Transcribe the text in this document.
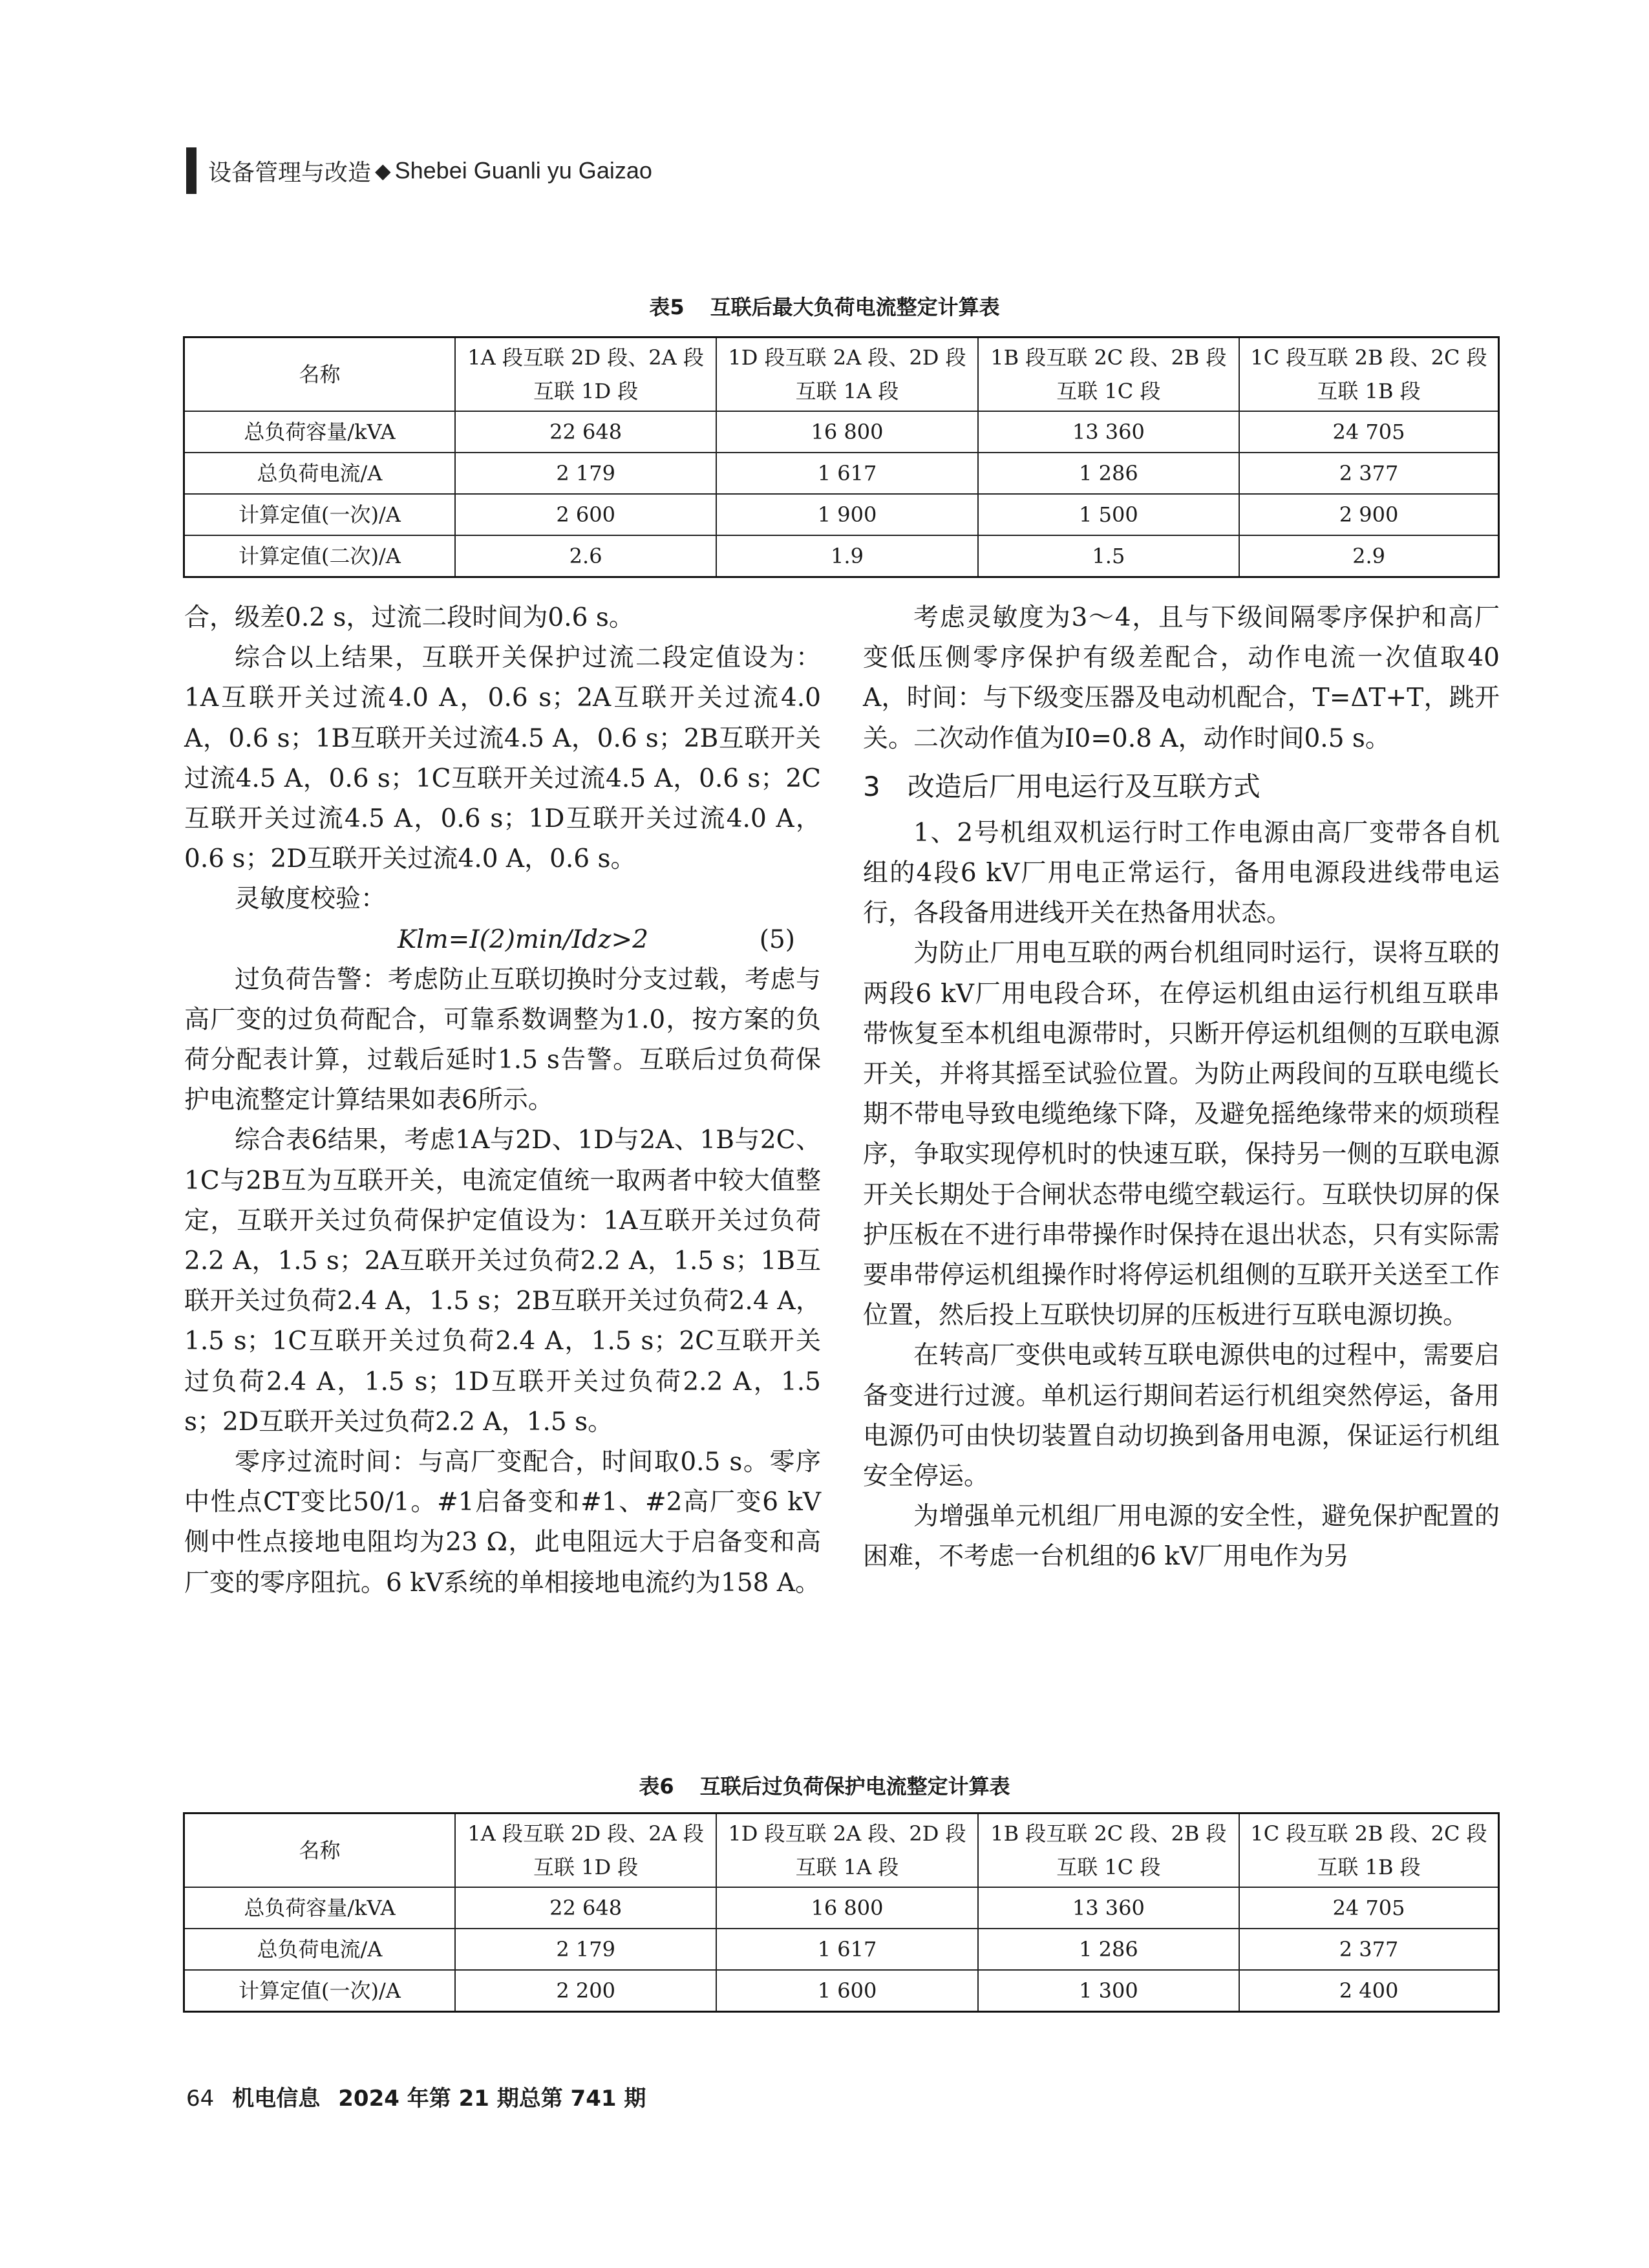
设备管理与改造 ◆ Shebei Guanli yu Gaizao
表5 互联后最大负荷电流整定计算表
名称	1A 段互联 2D 段、2A 段互联 1D 段	1D 段互联 2A 段、2D 段互联 1A 段	1B 段互联 2C 段、2B 段互联 1C 段	1C 段互联 2B 段、2C 段互联 1B 段
总负荷容量/kVA	22 648	16 800	13 360	24 705
总负荷电流/A	2 179	1 617	1 286	2 377
计算定值(一次)/A	2 600	1 900	1 500	2 900
计算定值(二次)/A	2.6	1.9	1.5	2.9

合，级差0.2 s，过流二段时间为0.6 s。

综合以上结果，互联开关保护过流二段定值设为：1A互联开关过流4.0 A，0.6 s；2A互联开关过流4.0 A，0.6 s；1B互联开关过流4.5 A，0.6 s；2B互联开关过流4.5 A，0.6 s；1C互联开关过流4.5 A，0.6 s；2C互联开关过流4.5 A，0.6 s；1D互联开关过流4.0 A，0.6 s；2D互联开关过流4.0 A，0.6 s。

灵敏度校验：

Klm=I(2)min/Idz>2	(5)

过负荷告警：考虑防止互联切换时分支过载，考虑与高厂变的过负荷配合，可靠系数调整为1.0，按方案的负荷分配表计算，过载后延时1.5 s告警。互联后过负荷保护电流整定计算结果如表6所示。

综合表6结果，考虑1A与2D、1D与2A、1B与2C、1C与2B互为互联开关，电流定值统一取两者中较大值整定，互联开关过负荷保护定值设为：1A互联开关过负荷2.2 A，1.5 s；2A互联开关过负荷2.2 A，1.5 s；1B互联开关过负荷2.4 A，1.5 s；2B互联开关过负荷2.4 A，1.5 s；1C互联开关过负荷2.4 A，1.5 s；2C互联开关过负荷2.4 A，1.5 s；1D互联开关过负荷2.2 A，1.5 s；2D互联开关过负荷2.2 A，1.5 s。

零序过流时间：与高厂变配合，时间取0.5 s。零序中性点CT变比50/1。#1启备变和#1、#2高厂变6 kV侧中性点接地电阻均为23 Ω，此电阻远大于启备变和高厂变的零序阻抗。6 kV系统的单相接地电流约为158 A。

考虑灵敏度为3～4，且与下级间隔零序保护和高厂变低压侧零序保护有级差配合，动作电流一次值取40 A，时间：与下级变压器及电动机配合，T=ΔT+T，跳开关。二次动作值为I0=0.8 A，动作时间0.5 s。

3 改造后厂用电运行及互联方式

1、2号机组双机运行时工作电源由高厂变带各自机组的4段6 kV厂用电正常运行，备用电源段进线带电运行，各段备用进线开关在热备用状态。

为防止厂用电互联的两台机组同时运行，误将互联的两段6 kV厂用电段合环，在停运机组由运行机组互联串带恢复至本机组电源带时，只断开停运机组侧的互联电源开关，并将其摇至试验位置。为防止两段间的互联电缆长期不带电导致电缆绝缘下降，及避免摇绝缘带来的烦琐程序，争取实现停机时的快速互联，保持另一侧的互联电源开关长期处于合闸状态带电缆空载运行。互联快切屏的保护压板在不进行串带操作时保持在退出状态，只有实际需要串带停运机组操作时将停运机组侧的互联开关送至工作位置，然后投上互联快切屏的压板进行互联电源切换。

在转高厂变供电或转互联电源供电的过程中，需要启备变进行过渡。单机运行期间若运行机组突然停运，备用电源仍可由快切装置自动切换到备用电源，保证运行机组安全停运。

为增强单元机组厂用电源的安全性，避免保护配置的困难，不考虑一台机组的6 kV厂用电作为另

表6 互联后过负荷保护电流整定计算表
名称	1A 段互联 2D 段、2A 段互联 1D 段	1D 段互联 2A 段、2D 段互联 1A 段	1B 段互联 2C 段、2B 段互联 1C 段	1C 段互联 2B 段、2C 段互联 1B 段
总负荷容量/kVA	22 648	16 800	13 360	24 705
总负荷电流/A	2 179	1 617	1 286	2 377
计算定值(一次)/A	2 200	1 600	1 300	2 400
64 机电信息 2024 年第 21 期总第 741 期
